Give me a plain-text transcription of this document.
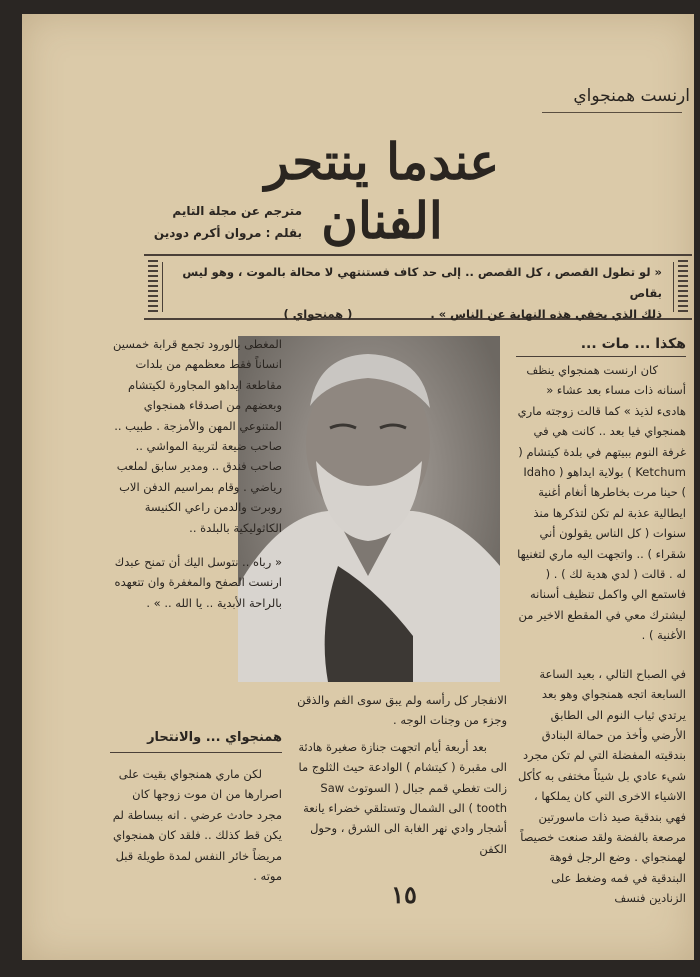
ارنست همنجواي
عندما ينتحر الفنان
مترجم عن مجلة التايم
بقلم : مروان أكرم دودين
« لو تطول القصص ، كل القصص .. إلى حد كاف فستنتهي لا محالة بالموت ، وهو ليس بقاص
ذلك الذي يخفي هذه النهاية عن الناس » .  ( همنجواي )
هكذا ... مات ...

كان ارنست همنجواي ينظف أسنانه ذات مساء بعد عشاء « هادىء لذيذ » كما قالت زوجته ماري همنجواي فيا بعد .. كانت هي في غرفة النوم ببيتهم في بلدة كيتشام ( Ketchum ) بولاية ايداهو ( Idaho ) حينا مرت بخاطرها أنغام أغنية ايطالية عذبة لم تكن لتذكرها منذ سنوات ( كل الناس يقولون أني شقراء ) .. واتجهت اليه ماري لتغنيها له . قالت ( لدي هدية لك ) . ( فاستمع الي واكمل تنظيف أسنانه ليشترك معي في المقطع الاخير من الأغنية ) .

في الصباح التالي ، بعيد الساعة السابعة اتجه همنجواي وهو بعد يرتدي ثياب النوم الى الطابق الأرضي وأخذ من حمالة البنادق بندقيته المفضلة التي لم تكن مجرد شيء عادي بل شيئاً مختفى به كأكل الاشياء الاخرى التي كان يملكها ، فهي بندقية صيد ذات ماسورتين مرصعة بالفضة ولقد صنعت خصيصاً لهمنجواي . وضع الرجل فوهة البندقية في فمه وضغط على الزنادين فنسف

المغطى بالورود تجمع قرابة خمسين انساناً فقط معظمهم من بلدات مقاطعة ايداهو المجاورة لكيتشام وبعضهم من اصدقاء همنجواي المتنوعي المهن والأمزجة . طبيب .. صاحب ضيعة لتربية المواشي .. صاحب فندق .. ومدير سابق لملعب رياضي . وقام بمراسيم الدفن الاب روبرت والدمن راعي الكنيسة الكاثوليكية بالبلدة ..

« رباه .. نتوسل اليك أن تمنح عبدك ارنست الصفح والمغفرة وان تتعهده بالراحة الأبدية .. يا الله .. » .

الانفجار كل رأسه ولم يبق سوى الفم والذقن وجزء من وجنات الوجه .

بعد أربعة أيام اتجهت جنازة صغيرة هادئة الى مقبرة ( كيتشام ) الوادعة حيث الثلوج ما زالت تغطي قمم جبال ( السوتوث Saw tooth ) الى الشمال وتستلقي خضراء يانعة أشجار وادي نهر الغابة الى الشرق ، وحول الكفن

همنجواي ... والانتحار

لكن ماري همنجواي بقيت على اصرارها من ان موت زوجها كان مجرد حادث عرضي . انه ببساطة لم يكن قط كذلك .. فلقد كان همنجواي مريضاً خائر النفس لمدة طويلة قبل موته .

١٥
